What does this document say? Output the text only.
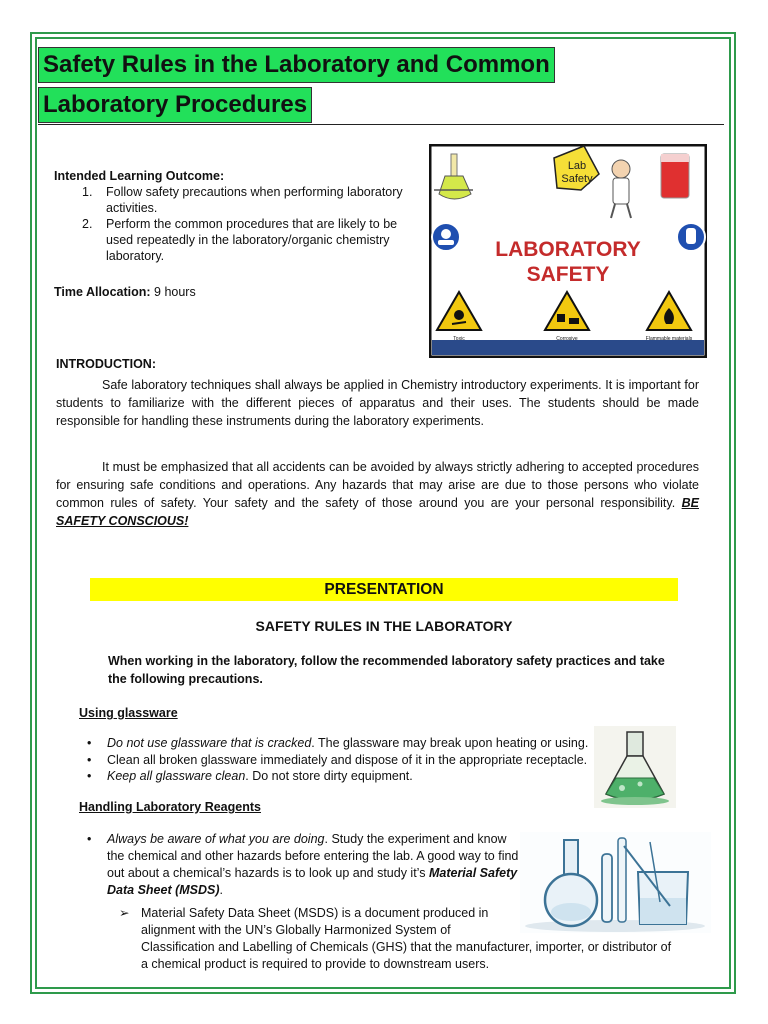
Safety Rules in the Laboratory and Common
Laboratory Procedures
Intended Learning Outcome:
1. Follow safety precautions when performing laboratory activities.
2. Perform the common procedures that are likely to be used repeatedly in the laboratory/organic chemistry laboratory.
Time Allocation: 9 hours
Lab
Safety
LABORATORY
SAFETY
Toxic	Corrosive	Flammable materials
INTRODUCTION:
Safe laboratory techniques shall always be applied in Chemistry introductory experiments. It is important for students to familiarize with the different pieces of apparatus and their uses. The students should be made responsible for handling these instruments during the laboratory experiments.
It must be emphasized that all accidents can be avoided by always strictly adhering to accepted procedures for ensuring safe conditions and operations. Any hazards that may arise are due to those persons who violate common rules of safety. Your safety and the safety of those around you are your personal responsibility. BE SAFETY CONSCIOUS!
PRESENTATION
SAFETY RULES IN THE LABORATORY
When working in the laboratory, follow the recommended laboratory safety practices and take the following precautions.
Using glassware
• Do not use glassware that is cracked. The glassware may break upon heating or using.
• Clean all broken glassware immediately and dispose of it in the appropriate receptacle.
• Keep all glassware clean. Do not store dirty equipment.
Handling Laboratory Reagents
• Always be aware of what you are doing. Study the experiment and know the chemical and other hazards before entering the lab. A good way to find out about a chemical’s hazards is to look up and study it’s Material Safety Data Sheet (MSDS).
➢ Material Safety Data Sheet (MSDS) is a document produced in alignment with the UN’s Globally Harmonized System of Classification and Labelling of Chemicals (GHS) that the manufacturer, importer, or distributor of a chemical product is required to provide to downstream users.
